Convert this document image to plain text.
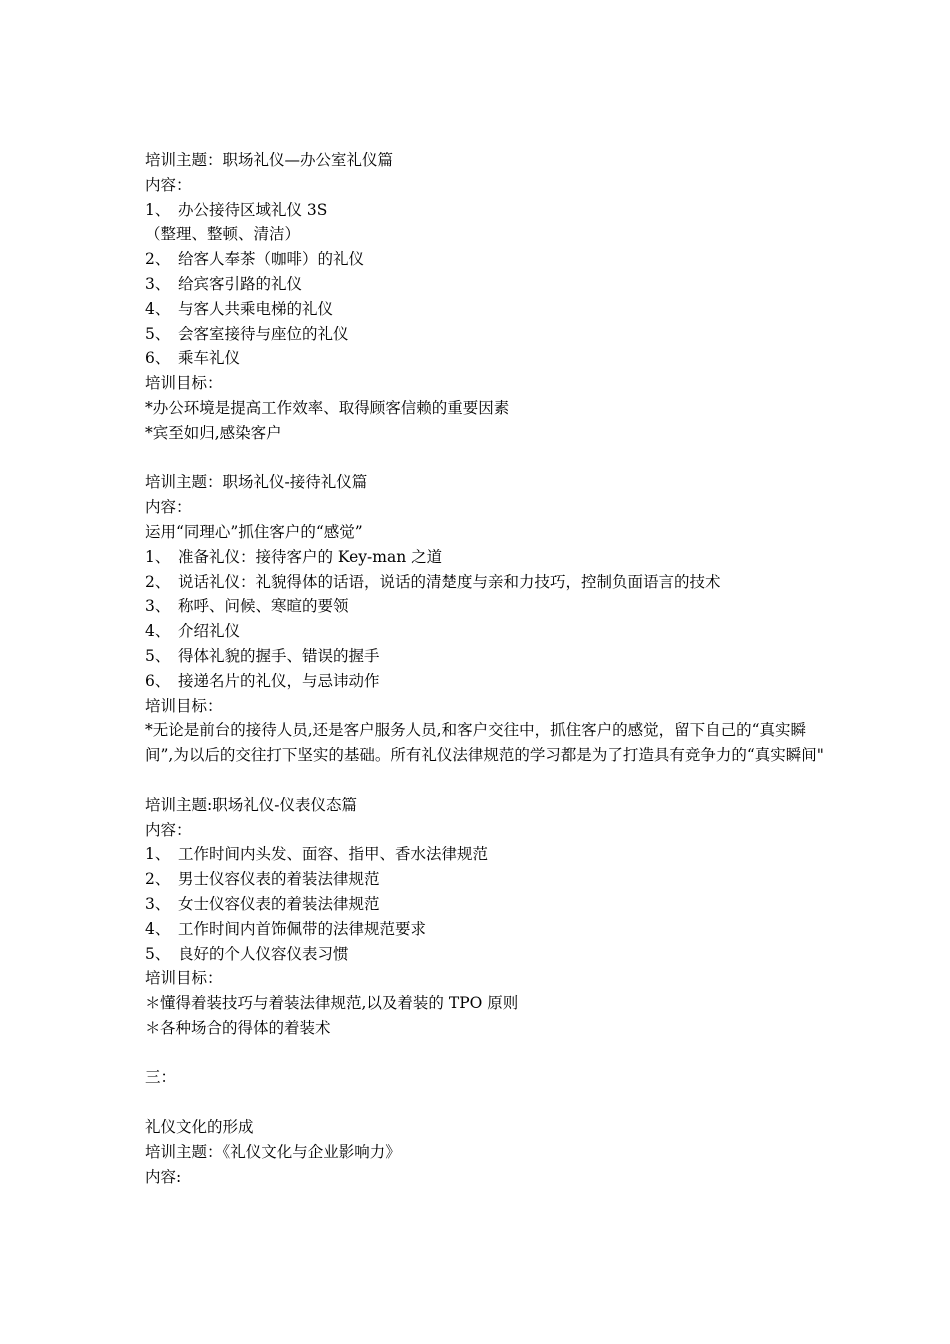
培训主题：职场礼仪—办公室礼仪篇
内容：
1、 办公接待区域礼仪 3S
（整理、整顿、清洁）
2、 给客人奉茶（咖啡）的礼仪
3、 给宾客引路的礼仪
4、 与客人共乘电梯的礼仪
5、 会客室接待与座位的礼仪
6、 乘车礼仪
培训目标：
*办公环境是提高工作效率、取得顾客信赖的重要因素
*宾至如归,感染客户
培训主题：职场礼仪-接待礼仪篇
内容：
运用“同理心”抓住客户的“感觉”
1、 准备礼仪：接待客户的 Key-man 之道
2、 说话礼仪：礼貌得体的话语，说话的清楚度与亲和力技巧，控制负面语言的技术
3、 称呼、问候、寒暄的要领
4、 介绍礼仪
5、 得体礼貌的握手、错误的握手
6、 接递名片的礼仪，与忌讳动作
培训目标：
*无论是前台的接待人员,还是客户服务人员,和客户交往中，抓住客户的感觉，留下自己的“真实瞬间”,为以后的交往打下坚实的基础。所有礼仪法律规范的学习都是为了打造具有竞争力的“真实瞬间"
培训主题:职场礼仪-仪表仪态篇
内容：
1、 工作时间内头发、面容、指甲、香水法律规范
2、 男士仪容仪表的着装法律规范
3、 女士仪容仪表的着装法律规范
4、 工作时间内首饰佩带的法律规范要求
5、 良好的个人仪容仪表习惯
培训目标：
＊懂得着装技巧与着装法律规范,以及着装的 TPO 原则
＊各种场合的得体的着装术
三：
礼仪文化的形成
培训主题：《礼仪文化与企业影响力》
内容:
